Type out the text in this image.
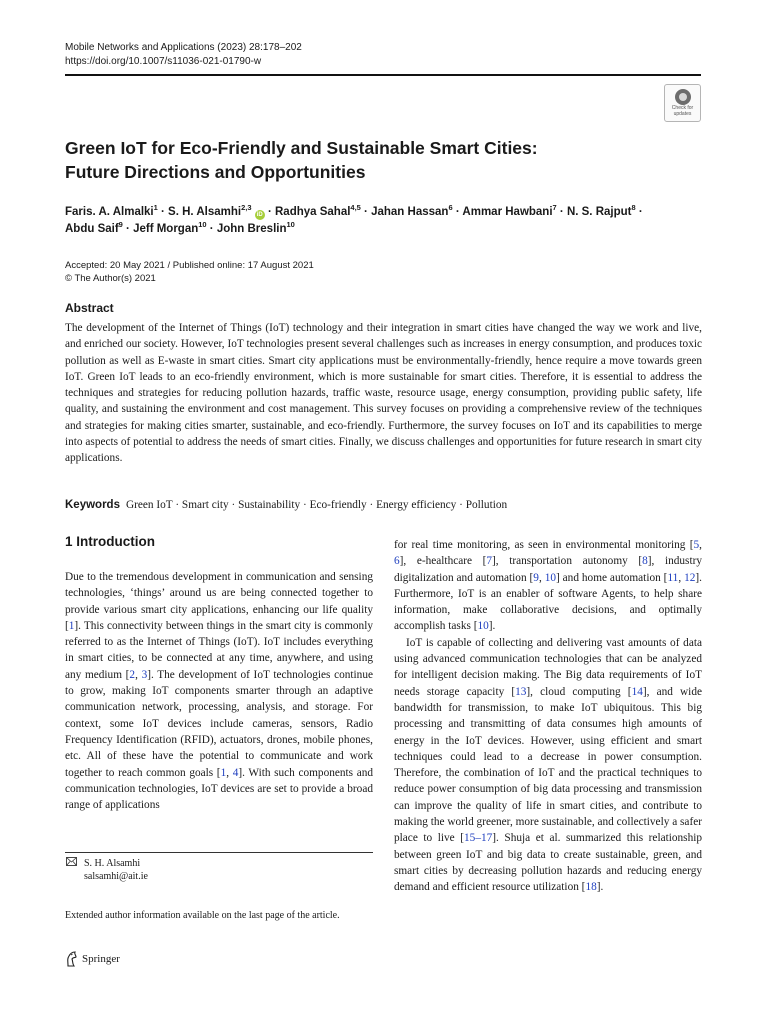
Mobile Networks and Applications (2023) 28:178–202
https://doi.org/10.1007/s11036-021-01790-w
Check for
updates
Green IoT for Eco-Friendly and Sustainable Smart Cities:
Future Directions and Opportunities
Faris. A. Almalki$^1$ · S. H. Alsamhi$^{2,3}$ iD · Radhya Sahal$^{4,5}$ · Jahan Hassan$^6$ · Ammar Hawbani$^7$ · N. S. Rajput$^8$ ·
Abdu Saif$^9$ · Jeff Morgan$^{10}$ · John Breslin$^{10}$
Accepted: 20 May 2021 / Published online: 17 August 2021
© The Author(s) 2021
Abstract
The development of the Internet of Things (IoT) technology and their integration in smart cities have changed the way we work and live, and enriched our society. However, IoT technologies present several challenges such as increases in energy consumption, and produces toxic pollution as well as E-waste in smart cities. Smart city applications must be environmentally-friendly, hence require a move towards green IoT. Green IoT leads to an eco-friendly environment, which is more sustainable for smart cities. Therefore, it is essential to address the techniques and strategies for reducing pollution hazards, traffic waste, resource usage, energy consumption, providing public safety, life quality, and sustaining the environment and cost management. This survey focuses on providing a comprehensive review of the techniques and strategies for making cities smarter, sustainable, and eco-friendly. Furthermore, the survey focuses on IoT and its capabilities to merge into aspects of potential to address the needs of smart cities. Finally, we discuss challenges and opportunities for future research in smart city applications.
Keywords Green IoT · Smart city · Sustainability · Eco-friendly · Energy efficiency · Pollution
1 Introduction

Due to the tremendous development in communication and sensing technologies, ‘things’ around us are being connected together to provide various smart city applications, enhancing our life quality [1]. This connectivity between things in the smart city is commonly referred to as the Internet of Things (IoT). IoT includes everything in smart cities, to be connected at any time, anywhere, and using any medium [2, 3]. The development of IoT technologies continue to grow, making IoT components smarter through an adaptive communication network, processing, analysis, and storage. For context, some IoT devices include cameras, sensors, Radio Frequency Identification (RFID), actuators, drones, mobile phones, etc. All of these have the potential to communicate and work together to reach common goals [1, 4]. With such components and communication technologies, IoT devices are set to provide a broad range of applications

for real time monitoring, as seen in environmental monitoring [5, 6], e-healthcare [7], transportation autonomy [8], industry digitalization and automation [9, 10] and home automation [11, 12]. Furthermore, IoT is an enabler of software Agents, to help share information, make collaborative decisions, and optimally accomplish tasks [10].

IoT is capable of collecting and delivering vast amounts of data using advanced communication technologies that can be analyzed for intelligent decision making. The Big data requirements of IoT needs storage capacity [13], cloud computing [14], and wide bandwidth for transmission, to make IoT ubiquitous. This big processing and transmitting of data consumes high amounts of energy in the IoT devices. However, using efficient and smart techniques could lead to a decrease in power consumption. Therefore, the combination of IoT and the practical techniques to reduce power consumption of big data processing and transmission can improve the quality of life in smart cities, and contribute to making the world greener, more sustainable, and collectively a safer place to live [15–17]. Shuja et al. summarized this relationship between green IoT and big data to create sustainable, green, and smart cities by decreasing pollution hazards and reducing energy demand and efficient resource utilization [18].

S. H. Alsamhi
salsamhi@ait.ie
Extended author information available on the last page of the article.
Springer
